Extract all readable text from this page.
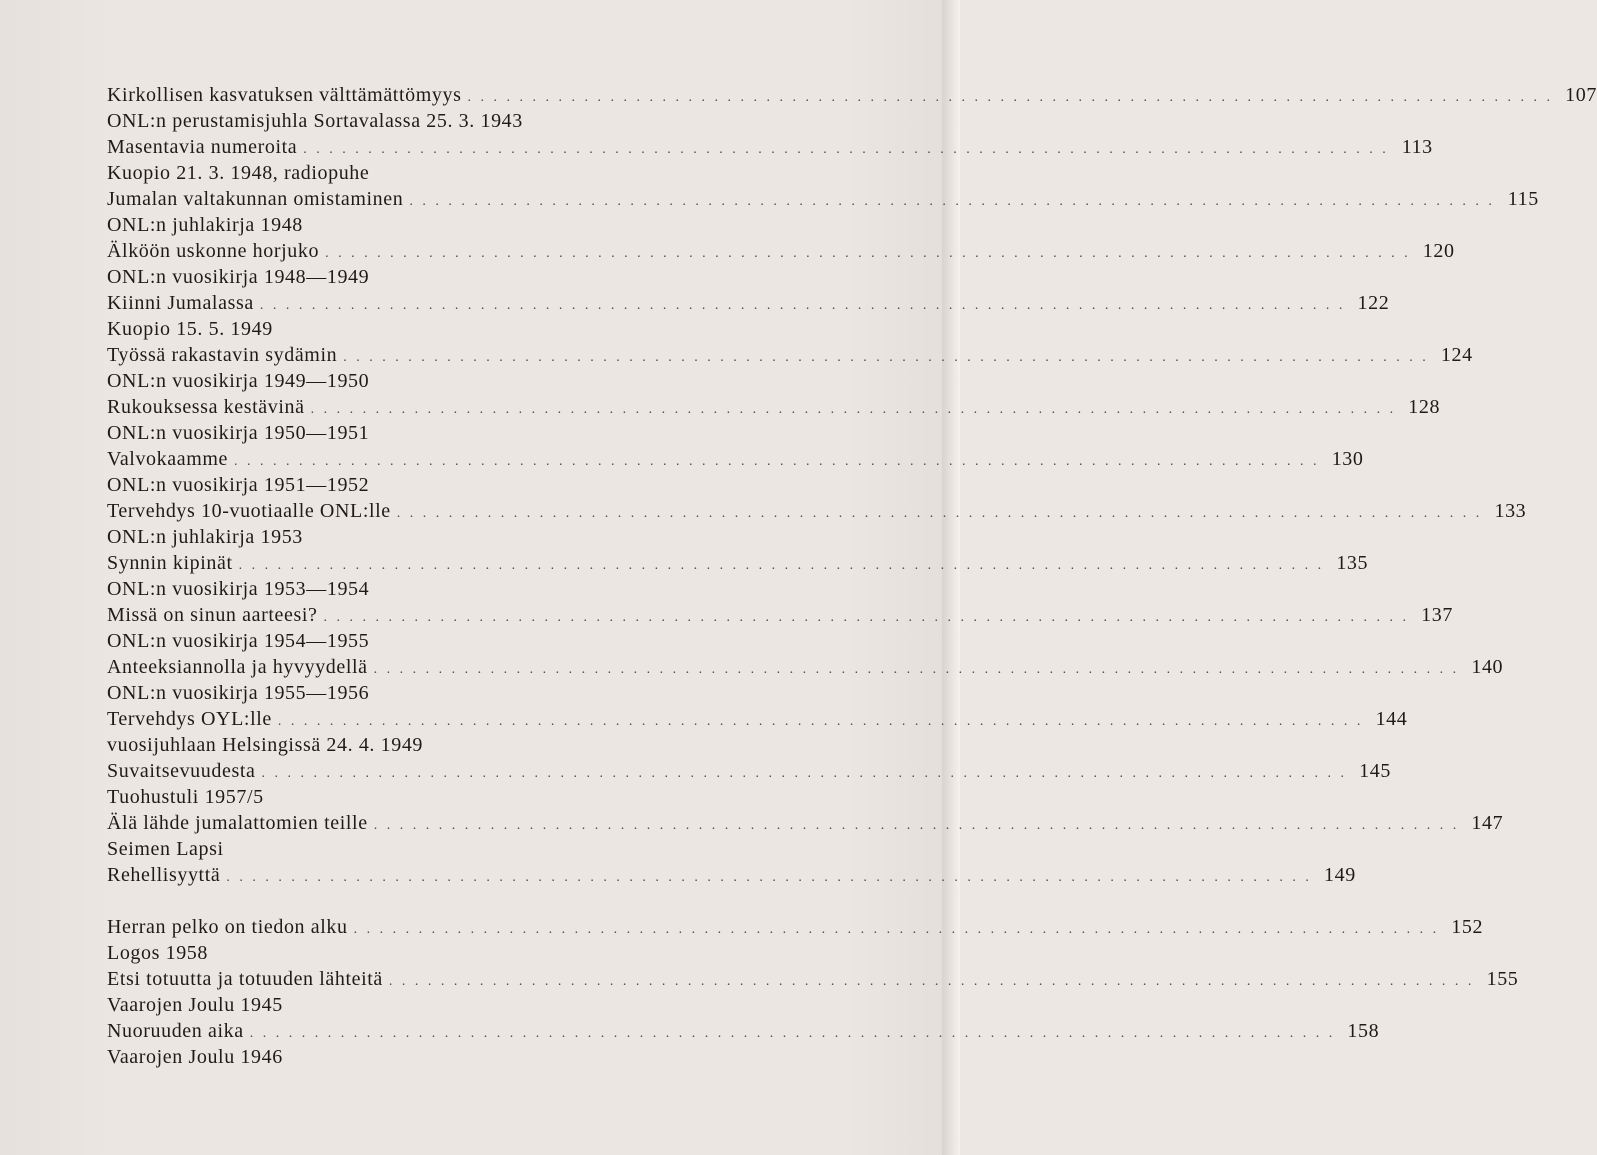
Kirkollisen kasvatuksen välttämättömyys . . . . . . . . . . . . . . . . . . . . . . . . . . . . . . . . . . . . . . . . . . . . . . . . . . . . . . . . . . . . . . . . . . . . . . . . . . . . . . . . . . . . 107
ONL:n perustamisjuhla Sortavalassa 25. 3. 1943
Masentavia numeroita . . . . . . . . . . . . . . . . . . . . . . . . . . . . . . . . . . . . . . . . . . . . . . . . . . . . . . . . . . . . . . . . . . . . . . . . . . . . . . . . . . . . 113
Kuopio 21. 3. 1948, radiopuhe
Jumalan valtakunnan omistaminen . . . . . . . . . . . . . . . . . . . . . . . . . . . . . . . . . . . . . . . . . . . . . . . . . . . . . . . . . . . . . . . . . . . . . . . . . . . . . . . . . . . . 115
ONL:n juhlakirja 1948
Älköön uskonne horjuko . . . . . . . . . . . . . . . . . . . . . . . . . . . . . . . . . . . . . . . . . . . . . . . . . . . . . . . . . . . . . . . . . . . . . . . . . . . . . . . . . . . . 120
ONL:n vuosikirja 1948—1949
Kiinni Jumalassa . . . . . . . . . . . . . . . . . . . . . . . . . . . . . . . . . . . . . . . . . . . . . . . . . . . . . . . . . . . . . . . . . . . . . . . . . . . . . . . . . . . . 122
Kuopio 15. 5. 1949
Työssä rakastavin sydämin . . . . . . . . . . . . . . . . . . . . . . . . . . . . . . . . . . . . . . . . . . . . . . . . . . . . . . . . . . . . . . . . . . . . . . . . . . . . . . . . . . . . 124
ONL:n vuosikirja 1949—1950
Rukouksessa kestävinä . . . . . . . . . . . . . . . . . . . . . . . . . . . . . . . . . . . . . . . . . . . . . . . . . . . . . . . . . . . . . . . . . . . . . . . . . . . . . . . . . . . . 128
ONL:n vuosikirja 1950—1951
Valvokaamme . . . . . . . . . . . . . . . . . . . . . . . . . . . . . . . . . . . . . . . . . . . . . . . . . . . . . . . . . . . . . . . . . . . . . . . . . . . . . . . . . . . . 130
ONL:n vuosikirja 1951—1952
Tervehdys 10-vuotiaalle ONL:lle . . . . . . . . . . . . . . . . . . . . . . . . . . . . . . . . . . . . . . . . . . . . . . . . . . . . . . . . . . . . . . . . . . . . . . . . . . . . . . . . . . . . 133
ONL:n juhlakirja 1953
Synnin kipinät . . . . . . . . . . . . . . . . . . . . . . . . . . . . . . . . . . . . . . . . . . . . . . . . . . . . . . . . . . . . . . . . . . . . . . . . . . . . . . . . . . . . 135
ONL:n vuosikirja 1953—1954
Missä on sinun aarteesi? . . . . . . . . . . . . . . . . . . . . . . . . . . . . . . . . . . . . . . . . . . . . . . . . . . . . . . . . . . . . . . . . . . . . . . . . . . . . . . . . . . . . 137
ONL:n vuosikirja 1954—1955
Anteeksiannolla ja hyvyydellä . . . . . . . . . . . . . . . . . . . . . . . . . . . . . . . . . . . . . . . . . . . . . . . . . . . . . . . . . . . . . . . . . . . . . . . . . . . . . . . . . . . . 140
ONL:n vuosikirja 1955—1956
Tervehdys OYL:lle . . . . . . . . . . . . . . . . . . . . . . . . . . . . . . . . . . . . . . . . . . . . . . . . . . . . . . . . . . . . . . . . . . . . . . . . . . . . . . . . . . . . 144
vuosijuhlaan Helsingissä 24. 4. 1949
Suvaitsevuudesta . . . . . . . . . . . . . . . . . . . . . . . . . . . . . . . . . . . . . . . . . . . . . . . . . . . . . . . . . . . . . . . . . . . . . . . . . . . . . . . . . . . . 145
Tuohustuli 1957/5
Älä lähde jumalattomien teille . . . . . . . . . . . . . . . . . . . . . . . . . . . . . . . . . . . . . . . . . . . . . . . . . . . . . . . . . . . . . . . . . . . . . . . . . . . . . . . . . . . . 147
Seimen Lapsi
Rehellisyyttä . . . . . . . . . . . . . . . . . . . . . . . . . . . . . . . . . . . . . . . . . . . . . . . . . . . . . . . . . . . . . . . . . . . . . . . . . . . . . . . . . . . . 149
Herran pelko on tiedon alku . . . . . . . . . . . . . . . . . . . . . . . . . . . . . . . . . . . . . . . . . . . . . . . . . . . . . . . . . . . . . . . . . . . . . . . . . . . . . . . . . . . . 152
Logos 1958
Etsi totuutta ja totuuden lähteitä . . . . . . . . . . . . . . . . . . . . . . . . . . . . . . . . . . . . . . . . . . . . . . . . . . . . . . . . . . . . . . . . . . . . . . . . . . . . . . . . . . . . 155
Vaarojen Joulu 1945
Nuoruuden aika . . . . . . . . . . . . . . . . . . . . . . . . . . . . . . . . . . . . . . . . . . . . . . . . . . . . . . . . . . . . . . . . . . . . . . . . . . . . . . . . . . . . 158
Vaarojen Joulu 1946
